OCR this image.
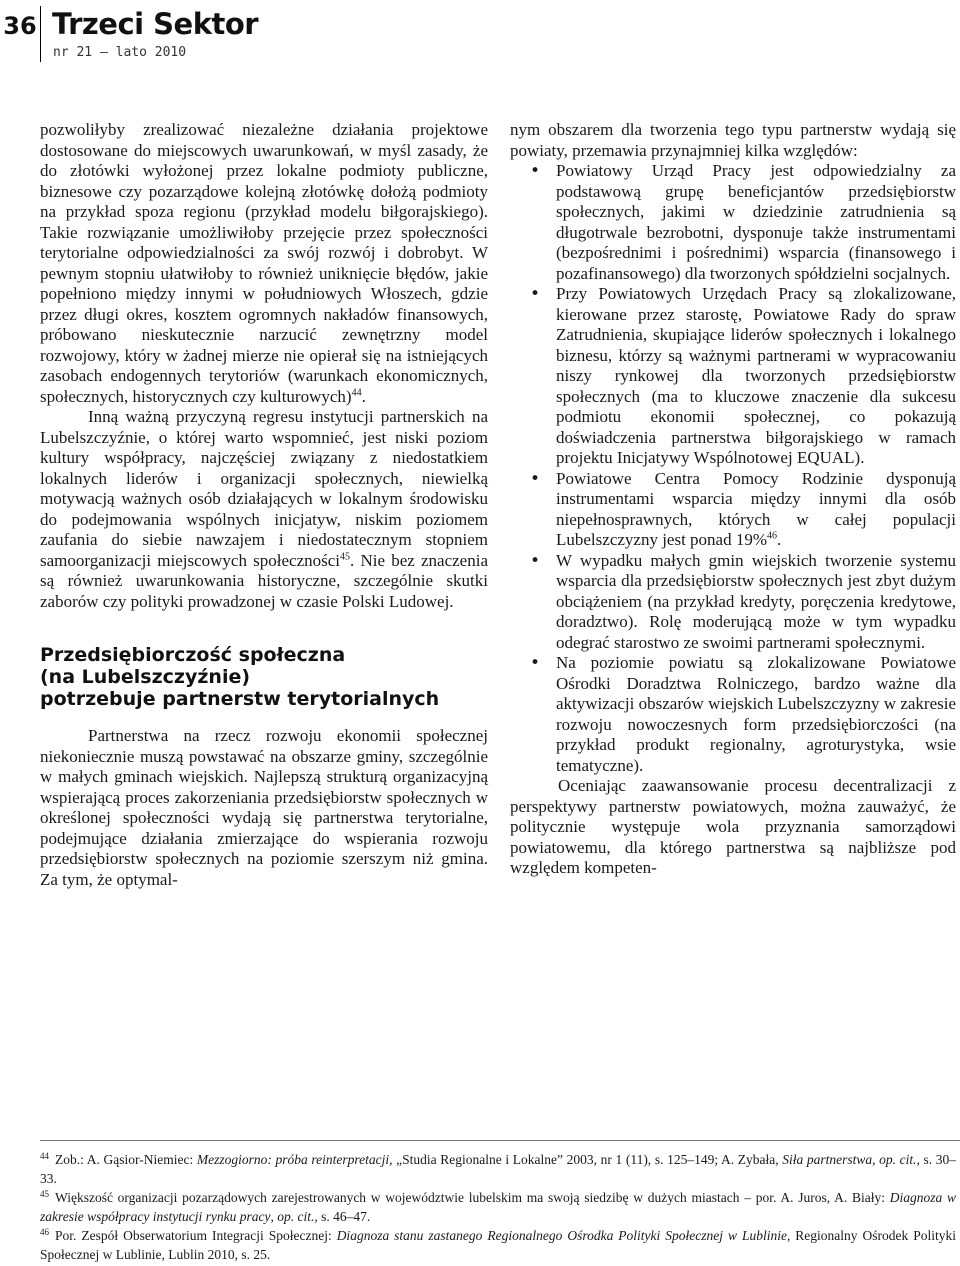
36 Trzeci Sektor
nr 21 — lato 2010

pozwoliłyby zrealizować niezależne działania projektowe dostosowane do miejscowych uwarunkowań, w myśl zasady, że do złotówki wyłożonej przez lokalne podmioty publiczne, biznesowe czy pozarządowe kolejną złotówkę dołożą podmioty na przykład spoza regionu (przykład modelu biłgorajskiego). Takie rozwiązanie umożliwiłoby przejęcie przez społeczności terytorialne odpowiedzialności za swój rozwój i dobrobyt. W pewnym stopniu ułatwiłoby to również uniknięcie błędów, jakie popełniono między innymi w południowych Włoszech, gdzie przez długi okres, kosztem ogromnych nakładów finansowych, próbowano nieskutecznie narzucić zewnętrzny model rozwojowy, który w żadnej mierze nie opierał się na istniejących zasobach endogennych terytoriów (warunkach ekonomicznych, społecznych, historycznych czy kulturowych)$^{44}$.

Inną ważną przyczyną regresu instytucji partnerskich na Lubelszczyźnie, o której warto wspomnieć, jest niski poziom kultury współpracy, najczęściej związany z niedostatkiem lokalnych liderów i organizacji społecznych, niewielką motywacją ważnych osób działających w lokalnym środowisku do podejmowania wspólnych inicjatyw, niskim poziomem zaufania do siebie nawzajem i niedostatecznym stopniem samoorganizacji miejscowych społeczności$^{45}$. Nie bez znaczenia są również uwarunkowania historyczne, szczególnie skutki zaborów czy polityki prowadzonej w czasie Polski Ludowej.

Przedsiębiorczość społeczna
(na Lubelszczyźnie)
potrzebuje partnerstw terytorialnych

Partnerstwa na rzecz rozwoju ekonomii społecznej niekoniecznie muszą powstawać na obszarze gminy, szczególnie w małych gminach wiejskich. Najlepszą strukturą organizacyjną wspierającą proces zakorzeniania przedsiębiorstw społecznych w określonej społeczności wydają się partnerstwa terytorialne, podejmujące działania zmierzające do wspierania rozwoju przedsiębiorstw społecznych na poziomie szerszym niż gmina. Za tym, że optymal-

nym obszarem dla tworzenia tego typu partnerstw wydają się powiaty, przemawia przynajmniej kilka względów:

• Powiatowy Urząd Pracy jest odpowiedzialny za podstawową grupę beneficjantów przedsiębiorstw społecznych, jakimi w dziedzinie zatrudnienia są długotrwale bezrobotni, dysponuje także instrumentami (bezpośrednimi i pośrednimi) wsparcia (finansowego i pozafinansowego) dla tworzonych spółdzielni socjalnych.
• Przy Powiatowych Urzędach Pracy są zlokalizowane, kierowane przez starostę, Powiatowe Rady do spraw Zatrudnienia, skupiające liderów społecznych i lokalnego biznesu, którzy są ważnymi partnerami w wypracowaniu niszy rynkowej dla tworzonych przedsiębiorstw społecznych (ma to kluczowe znaczenie dla sukcesu podmiotu ekonomii społecznej, co pokazują doświadczenia partnerstwa biłgorajskiego w ramach projektu Inicjatywy Wspólnotowej EQUAL).
• Powiatowe Centra Pomocy Rodzinie dysponują instrumentami wsparcia między innymi dla osób niepełnosprawnych, których w całej populacji Lubelszczyzny jest ponad 19%$^{46}$.
• W wypadku małych gmin wiejskich tworzenie systemu wsparcia dla przedsiębiorstw społecznych jest zbyt dużym obciążeniem (na przykład kredyty, poręczenia kredytowe, doradztwo). Rolę moderującą może w tym wypadku odegrać starostwo ze swoimi partnerami społecznymi.
• Na poziomie powiatu są zlokalizowane Powiatowe Ośrodki Doradztwa Rolniczego, bardzo ważne dla aktywizacji obszarów wiejskich Lubelszczyzny w zakresie rozwoju nowoczesnych form przedsiębiorczości (na przykład produkt regionalny, agroturystyka, wsie tematyczne).

Oceniając zaawansowanie procesu decentralizacji z perspektywy partnerstw powiatowych, można zauważyć, że politycznie występuje wola przyznania samorządowi powiatowemu, dla którego partnerstwa są najbliższe pod względem kompeten-

$^{44}$ Zob.: A. Gąsior-Niemiec: Mezzogiorno: próba reinterpretacji, „Studia Regionalne i Lokalne” 2003, nr 1 (11), s. 125–149; A. Zybała, Siła partnerstwa, op. cit., s. 30–33.

$^{45}$ Większość organizacji pozarządowych zarejestrowanych w województwie lubelskim ma swoją siedzibę w dużych miastach – por. A. Juros, A. Biały: Diagnoza w zakresie współpracy instytucji rynku pracy, op. cit., s. 46–47.

$^{46}$ Por. Zespół Obserwatorium Integracji Społecznej: Diagnoza stanu zastanego Regionalnego Ośrodka Polityki Społecznej w Lublinie, Regionalny Ośrodek Polityki Społecznej w Lublinie, Lublin 2010, s. 25.
